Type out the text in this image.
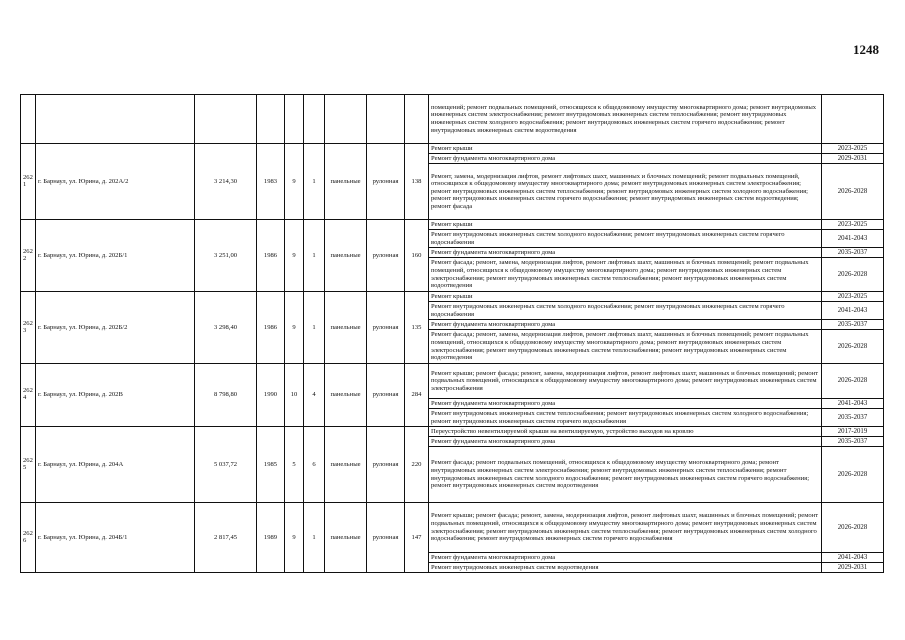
1248
									помещений; ремонт подвальных помещений, относящихся к общедомовому имуществу многоквартирного дома; ремонт внутридомовых инженерных систем электроснабжения; ремонт внутридомовых инженерных систем теплоснабжения; ремонт внутридомовых инженерных систем холодного водоснабжения; ремонт внутридомовых инженерных систем горячего водоснабжения; ремонт внутридомовых инженерных систем водоотведения	
262 1	г. Барнаул, ул. Юрина, д. 202А/2	3 214,30	1983	9	1	панельные	рулонная	138	Ремонт крыши	2023-2025
									Ремонт фундамента многоквартирного дома	2029-2031
									Ремонт, замена, модернизация лифтов, ремонт лифтовых шахт, машинных и блочных помещений; ремонт подвальных помещений, относящихся к общедомовому имуществу многоквартирного дома; ремонт внутридомовых инженерных систем электроснабжения; ремонт внутридомовых инженерных систем теплоснабжения; ремонт внутридомовых инженерных систем холодного водоснабжения; ремонт внутридомовых инженерных систем горячего водоснабжения; ремонт внутридомовых инженерных систем водоотведения; ремонт фасада	2026-2028
262 2	г. Барнаул, ул. Юрина, д. 202Б/1	3 251,00	1986	9	1	панельные	рулонная	160	Ремонт крыши	2023-2025
									Ремонт внутридомовых инженерных систем холодного водоснабжения; ремонт внутридомовых инженерных систем горячего водоснабжения	2041-2043
									Ремонт фундамента многоквартирного дома	2035-2037
									Ремонт фасада; ремонт, замена, модернизация лифтов, ремонт лифтовых шахт, машинных и блочных помещений; ремонт подвальных помещений, относящихся к общедомовому имуществу многоквартирного дома; ремонт внутридомовых инженерных систем электроснабжения; ремонт внутридомовых инженерных систем теплоснабжения; ремонт внутридомовых инженерных систем водоотведения	2026-2028
262 3	г. Барнаул, ул. Юрина, д. 202Б/2	3 298,40	1986	9	1	панельные	рулонная	135	Ремонт крыши	2023-2025
									Ремонт внутридомовых инженерных систем холодного водоснабжения; ремонт внутридомовых инженерных систем горячего водоснабжения	2041-2043
									Ремонт фундамента многоквартирного дома	2035-2037
									Ремонт фасада; ремонт, замена, модернизация лифтов, ремонт лифтовых шахт, машинных и блочных помещений; ремонт подвальных помещений, относящихся к общедомовому имуществу многоквартирного дома; ремонт внутридомовых инженерных систем электроснабжения; ремонт внутридомовых инженерных систем теплоснабжения; ремонт внутридомовых инженерных систем водоотведения	2026-2028
262 4	г. Барнаул, ул. Юрина, д. 202В	8 798,80	1990	10	4	панельные	рулонная	284	Ремонт крыши; ремонт фасада; ремонт, замена, модернизация лифтов, ремонт лифтовых шахт, машинных и блочных помещений; ремонт подвальных помещений, относящихся к общедомовому имуществу многоквартирного дома; ремонт внутридомовых инженерных систем электроснабжения	2026-2028
									Ремонт фундамента многоквартирного дома	2041-2043
									Ремонт внутридомовых инженерных систем теплоснабжения; ремонт внутридомовых инженерных систем холодного водоснабжения; ремонт внутридомовых инженерных систем горячего водоснабжения	2035-2037
262 5	г. Барнаул, ул. Юрина, д. 204А	5 037,72	1985	5	6	панельные	рулонная	220	Переустройство невентилируемой крыши на вентилируемую, устройство выходов на кровлю	2017-2019
									Ремонт фундамента многоквартирного дома	2035-2037
									Ремонт фасада; ремонт подвальных помещений, относящихся к общедомовому имуществу многоквартирного дома; ремонт внутридомовых инженерных систем электроснабжения; ремонт внутридомовых инженерных систем теплоснабжения; ремонт внутридомовых инженерных систем холодного водоснабжения; ремонт внутридомовых инженерных систем горячего водоснабжения; ремонт внутридомовых инженерных систем водоотведения	2026-2028
262 6	г. Барнаул, ул. Юрина, д. 204Б/1	2 817,45	1989	9	1	панельные	рулонная	147	Ремонт крыши; ремонт фасада; ремонт, замена, модернизация лифтов, ремонт лифтовых шахт, машинных и блочных помещений; ремонт подвальных помещений, относящихся к общедомовому имуществу многоквартирного дома; ремонт внутридомовых инженерных систем электроснабжения; ремонт внутридомовых инженерных систем теплоснабжения; ремонт внутридомовых инженерных систем холодного водоснабжения; ремонт внутридомовых инженерных систем горячего водоснабжения	2026-2028
									Ремонт фундамента многоквартирного дома	2041-2043
									Ремонт внутридомовых инженерных систем водоотведения	2029-2031
